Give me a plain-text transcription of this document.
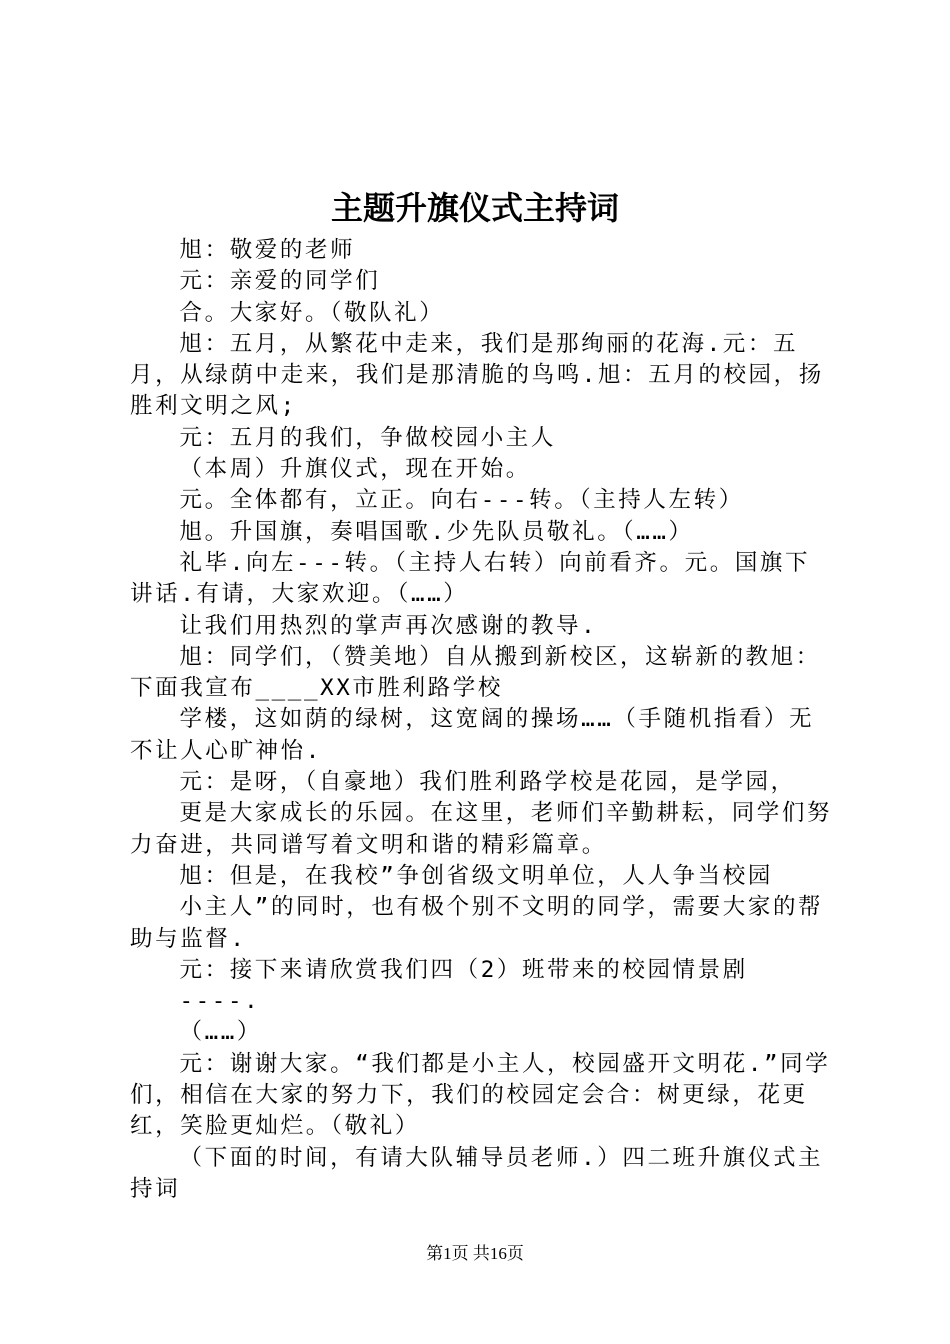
主题升旗仪式主持词

旭：敬爱的老师

元：亲爱的同学们

合。大家好。（敬队礼）

旭：五月，从繁花中走来，我们是那绚丽的花海.元：五月，从绿荫中走来，我们是那清脆的鸟鸣.旭：五月的校园，扬胜利文明之风;

元：五月的我们，争做校园小主人

（本周）升旗仪式，现在开始。

元。全体都有，立正。向右---转。（主持人左转）

旭。升国旗，奏唱国歌.少先队员敬礼。（……）

礼毕.向左---转。（主持人右转）向前看齐。元。国旗下讲话.有请，大家欢迎。（……）

让我们用热烈的掌声再次感谢的教导.

旭：同学们，（赞美地）自从搬到新校区，这崭新的教旭：下面我宣布____XX市胜利路学校

学楼，这如荫的绿树，这宽阔的操场……（手随机指看）无不让人心旷神怡.

元：是呀，（自豪地）我们胜利路学校是花园，是学园，

更是大家成长的乐园。在这里，老师们辛勤耕耘，同学们努力奋进，共同谱写着文明和谐的精彩篇章。

旭：但是，在我校”争创省级文明单位，人人争当校园

小主人”的同时，也有极个别不文明的同学，需要大家的帮助与监督.

元：接下来请欣赏我们四（2）班带来的校园情景剧

----.

（……）

元：谢谢大家。“我们都是小主人，校园盛开文明花.”同学们，相信在大家的努力下，我们的校园定会合：树更绿，花更红，笑脸更灿烂。（敬礼）

（下面的时间，有请大队辅导员老师.）四二班升旗仪式主持词

第1页 共16页
